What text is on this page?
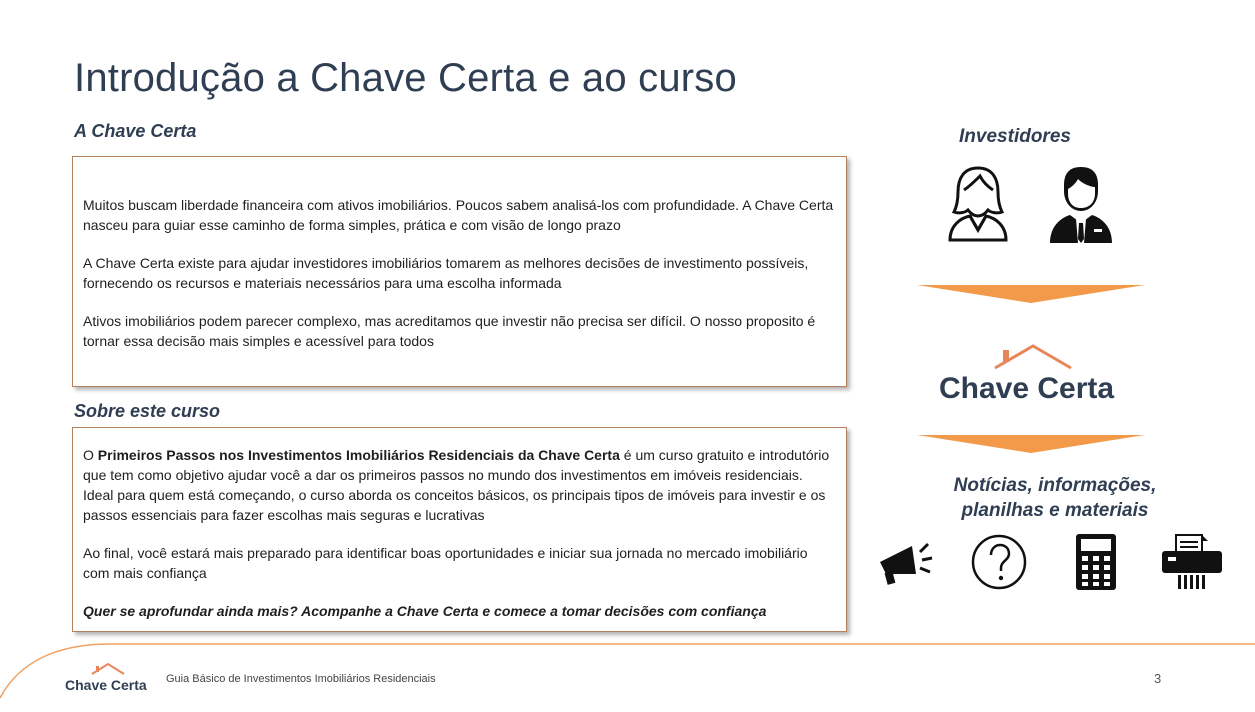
Introdução a Chave Certa e ao curso
A Chave Certa

Muitos buscam liberdade financeira com ativos imobiliários. Poucos sabem analisá-los com profundidade. A Chave Certa nasceu para guiar esse caminho de forma simples, prática e com visão de longo prazo

A Chave Certa existe para ajudar investidores imobiliários tomarem as melhores decisões de investimento possíveis, fornecendo os recursos e materiais necessários para uma escolha informada

Ativos imobiliários podem parecer complexo, mas acreditamos que investir não precisa ser difícil. O nosso proposito é tornar essa decisão mais simples e acessível para todos

Sobre este curso

O Primeiros Passos nos Investimentos Imobiliários Residenciais da Chave Certa é um curso gratuito e introdutório que tem como objetivo ajudar você a dar os primeiros passos no mundo dos investimentos em imóveis residenciais. Ideal para quem está começando, o curso aborda os conceitos básicos, os principais tipos de imóveis para investir e os passos essenciais para fazer escolhas mais seguras e lucrativas

Ao final, você estará mais preparado para identificar boas oportunidades e iniciar sua jornada no mercado imobiliário com mais confiança

Quer se aprofundar ainda mais? Acompanhe a Chave Certa e comece a tomar decisões com confiança

Investidores
Chave Certa
Notícias, informações,
planilhas e materiais
Chave Certa Guia Básico de Investimentos Imobiliários Residenciais	3
